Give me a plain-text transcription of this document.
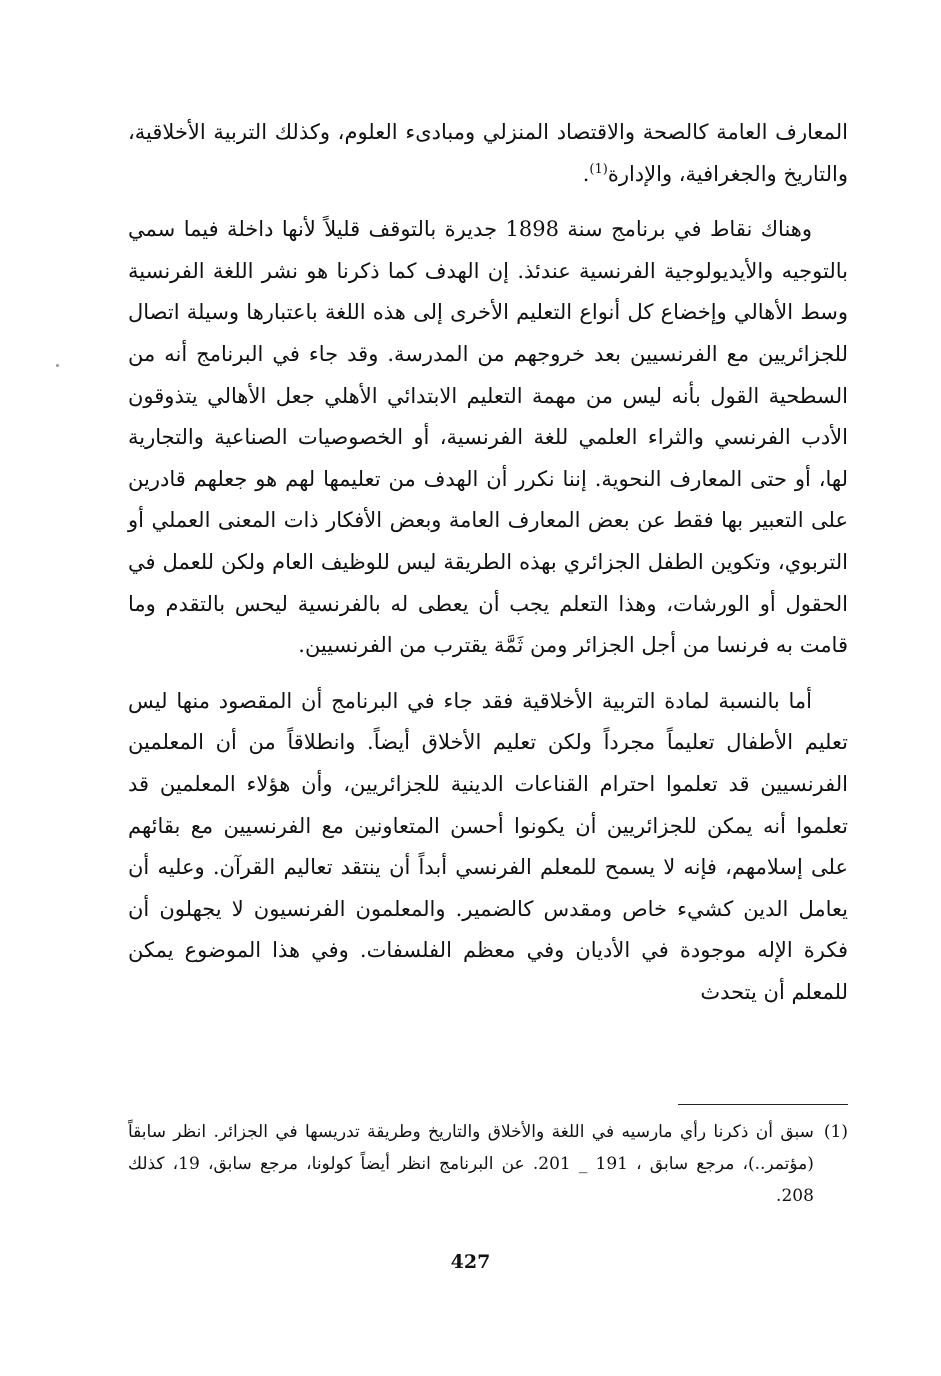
المعارف العامة كالصحة والاقتصاد المنزلي ومبادىء العلوم، وكذلك التربية الأخلاقية، والتاريخ والجغرافية، والإدارة$^{(1)}$.

وهناك نقاط في برنامج سنة 1898 جديرة بالتوقف قليلاً لأنها داخلة فيما سمي بالتوجيه والأيديولوجية الفرنسية عندئذ. إن الهدف كما ذكرنا هو نشر اللغة الفرنسية وسط الأهالي وإخضاع كل أنواع التعليم الأخرى إلى هذه اللغة باعتبارها وسيلة اتصال للجزائريين مع الفرنسيين بعد خروجهم من المدرسة. وقد جاء في البرنامج أنه من السطحية القول بأنه ليس من مهمة التعليم الابتدائي الأهلي جعل الأهالي يتذوقون الأدب الفرنسي والثراء العلمي للغة الفرنسية، أو الخصوصيات الصناعية والتجارية لها، أو حتى المعارف النحوية. إننا نكرر أن الهدف من تعليمها لهم هو جعلهم قادرين على التعبير بها فقط عن بعض المعارف العامة وبعض الأفكار ذات المعنى العملي أو التربوي، وتكوين الطفل الجزائري بهذه الطريقة ليس للوظيف العام ولكن للعمل في الحقول أو الورشات، وهذا التعلم يجب أن يعطى له بالفرنسية ليحس بالتقدم وما قامت به فرنسا من أجل الجزائر ومن ثَمَّة يقترب من الفرنسيين.

أما بالنسبة لمادة التربية الأخلاقية فقد جاء في البرنامج أن المقصود منها ليس تعليم الأطفال تعليماً مجرداً ولكن تعليم الأخلاق أيضاً. وانطلاقاً من أن المعلمين الفرنسيين قد تعلموا احترام القناعات الدينية للجزائريين، وأن هؤلاء المعلمين قد تعلموا أنه يمكن للجزائريين أن يكونوا أحسن المتعاونين مع الفرنسيين مع بقائهم على إسلامهم، فإنه لا يسمح للمعلم الفرنسي أبداً أن ينتقد تعاليم القرآن. وعليه أن يعامل الدين كشيء خاص ومقدس كالضمير. والمعلمون الفرنسيون لا يجهلون أن فكرة الإله موجودة في الأديان وفي معظم الفلسفات. وفي هذا الموضوع يمكن للمعلم أن يتحدث

(1)
سبق أن ذكرنا رأي مارسيه في اللغة والأخلاق والتاريخ وطريقة تدريسها في الجزائر. انظر سابقاً (مؤتمر..)، مرجع سابق ، 191 _ 201. عن البرنامج انظر أيضاً كولونا، مرجع سابق، 19، كذلك 208.
427
